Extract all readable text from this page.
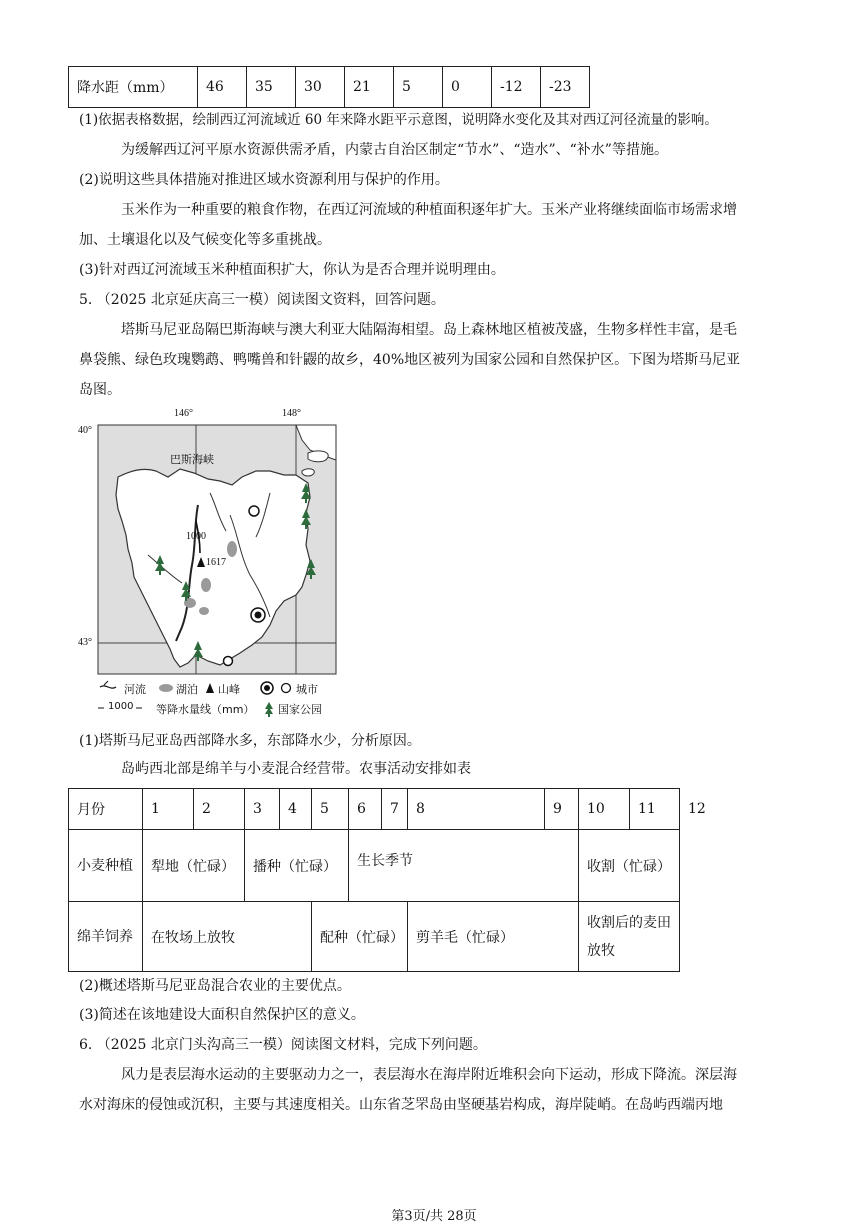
降水距（mm）	46	35	30	21	5	0	-12	-23
(1)依据表格数据，绘制西辽河流域近 60 年来降水距平示意图，说明降水变化及其对西辽河径流量的影响。
为缓解西辽河平原水资源供需矛盾，内蒙古自治区制定“节水”、“造水”、“补水”等措施。
(2)说明这些具体措施对推进区域水资源利用与保护的作用。
玉米作为一种重要的粮食作物，在西辽河流域的种植面积逐年扩大。玉米产业将继续面临市场需求增
加、土壤退化以及气候变化等多重挑战。
(3)针对西辽河流域玉米种植面积扩大，你认为是否合理并说明理由。
5. （2025 北京延庆高三一模）阅读图文资料，回答问题。
塔斯马尼亚岛隔巴斯海峡与澳大利亚大陆隔海相望。岛上森林地区植被茂盛，生物多样性丰富，是毛
鼻袋熊、绿色玫瑰鹦鹉、鸭嘴兽和针鼹的故乡，40%地区被列为国家公园和自然保护区。下图为塔斯马尼亚
岛图。
146°	148°
40°
43°
巴斯海峡
1000
1617
河流	湖泊 山峰	城市
1000 等降水量线（mm） 国家公园
(1)塔斯马尼亚岛西部降水多，东部降水少，分析原因。
岛屿西北部是绵羊与小麦混合经营带。农事活动安排如表
月份	1	2	3	4	5	6	7	8	9	10	11	12
小麦种植	犁地（忙碌）		播种（忙碌）			生长季节				收割（忙碌）		
绵羊饲养	在牧场上放牧				配种（忙碌）			剪羊毛（忙碌）		收割后的麦田放牧		
(2)概述塔斯马尼亚岛混合农业的主要优点。
(3)简述在该地建设大面积自然保护区的意义。
6. （2025 北京门头沟高三一模）阅读图文材料，完成下列问题。
风力是表层海水运动的主要驱动力之一，表层海水在海岸附近堆积会向下运动，形成下降流。深层海
水对海床的侵蚀或沉积，主要与其速度相关。山东省芝罘岛由坚硬基岩构成，海岸陡峭。在岛屿西端丙地
第3页/共 28页
